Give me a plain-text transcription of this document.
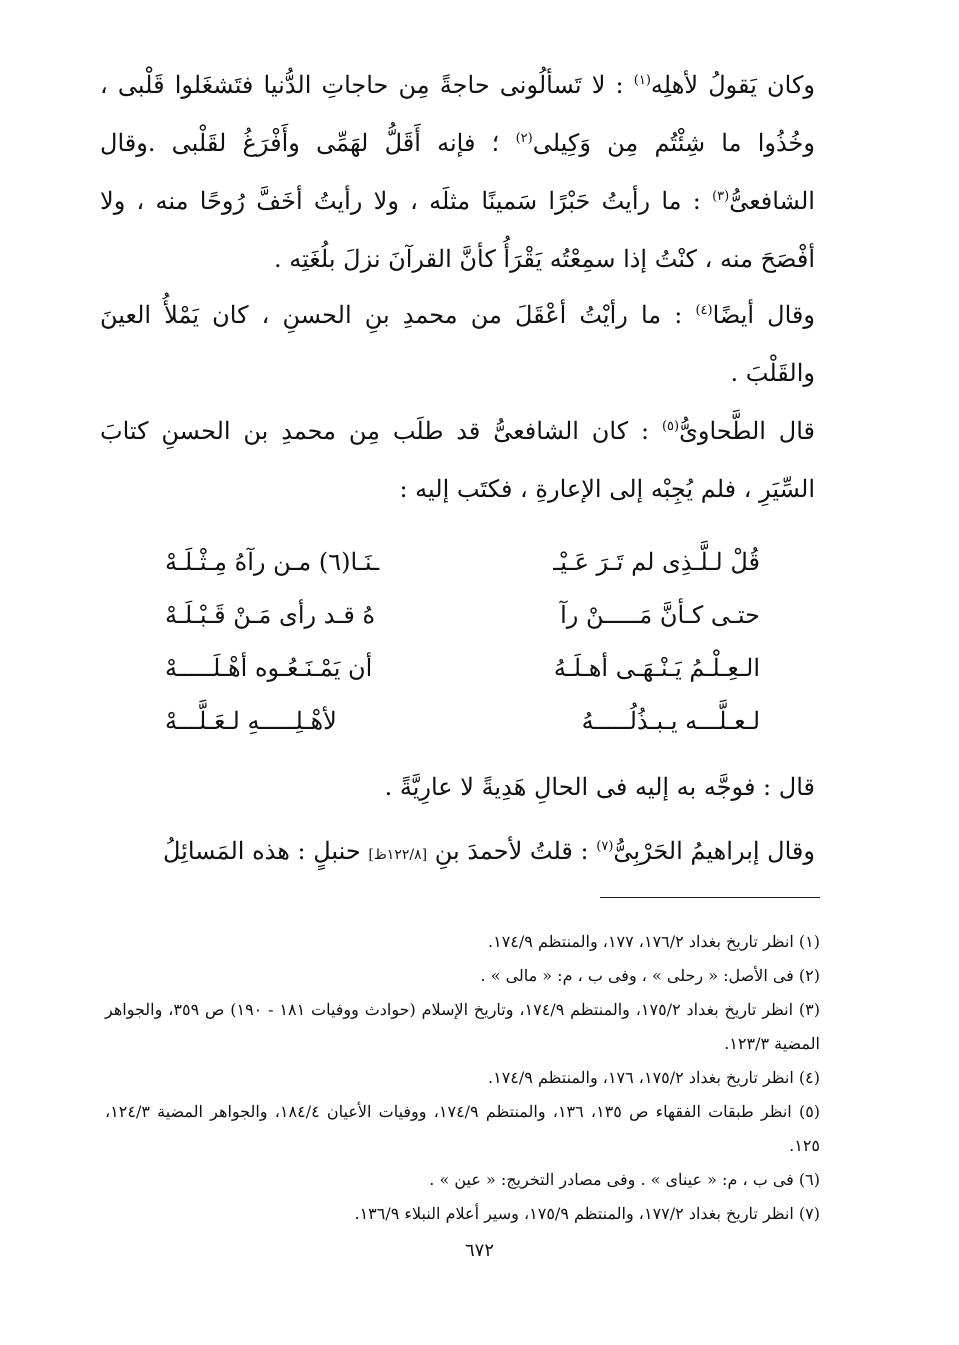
وكان يَقولُ لأهلِه$^{(١)}$ : لا تَسألُونى حاجةً مِن حاجاتِ الدُّنيا فتَشغَلوا قَلْبى ، وخُذُوا ما شِئْتُم مِن وَكِيلى$^{(٢)}$ ؛ فإنه أَقَلُّ لهَمِّى وأَفْرَغُ لقَلْبى .وقال الشافعىُّ$^{(٣)}$ : ما رأيتُ حَبْرًا سَمينًا مثلَه ، ولا رأيتُ أخَفَّ رُوحًا منه ، ولا أفْصَحَ منه ، كنْتُ إذا سمِعْتُه يَقْرَأُ كأنَّ القرآنَ نزلَ بلُغَتِه .

وقال أيضًا$^{(٤)}$ : ما رأيْتُ أعْقَلَ من محمدِ بنِ الحسنِ ، كان يَمْلأُ العينَ والقَلْبَ .

قال الطَّحاوىُّ$^{(٥)}$ : كان الشافعىُّ قد طلَب مِن محمدِ بن الحسنِ كتابَ السِّيَرِ ، فلم يُجِبْه إلى الإعارةِ ، فكتَب إليه :

قُلْ لـلَّـذِى لم تَـرَ عَـيْـ
ـنَـا(٦) مـن رآهُ مِـثْـلَـهْ
حتـى كـأنَّ مَـــــنْ رآ
هُ قـد رأى مَـنْ قَـبْـلَـهْ
الـعِـلْـمُ يَـنْـهَـى أهـلَـهُ
أن يَمْـنَـعُـوه أهْـلَـــــهْ
لـعـلَّـــه يـبـذُلُـــــهُ
لأهْـلِـــــهِ لـعَـلَّـــهْ

قال : فوجَّه به إليه فى الحالِ هَدِيةً لا عارِيَّةً .

وقال إبراهيمُ الحَرْبِىُّ$^{(٧)}$ : قلتُ لأحمدَ بنِ [١٢٢/٨ظ] حنبلٍ : هذه المَسائِلُ

(١) انظر تاريخ بغداد ١٧٦/٢، ١٧٧، والمنتظم ١٧٤/٩.
(٢) فى الأصل: « رحلى » ، وفى ب ، م: « مالى » .
(٣) انظر تاريخ بغداد ١٧٥/٢، والمنتظم ١٧٤/٩، وتاريخ الإسلام (حوادث ووفيات ١٨١ - ١٩٠) ص ٣٥٩، والجواهر المضية ١٢٣/٣.
(٤) انظر تاريخ بغداد ١٧٥/٢، ١٧٦، والمنتظم ١٧٤/٩.
(٥) انظر طبقات الفقهاء ص ١٣٥، ١٣٦، والمنتظم ١٧٤/٩، ووفيات الأعيان ١٨٤/٤، والجواهر المضية ١٢٤/٣، ١٢٥.
(٦) فى ب ، م: « عيناى » . وفى مصادر التخريج: « عين » .
(٧) انظر تاريخ بغداد ١٧٧/٢، والمنتظم ١٧٥/٩، وسير أعلام النبلاء ١٣٦/٩.
٦٧٢
